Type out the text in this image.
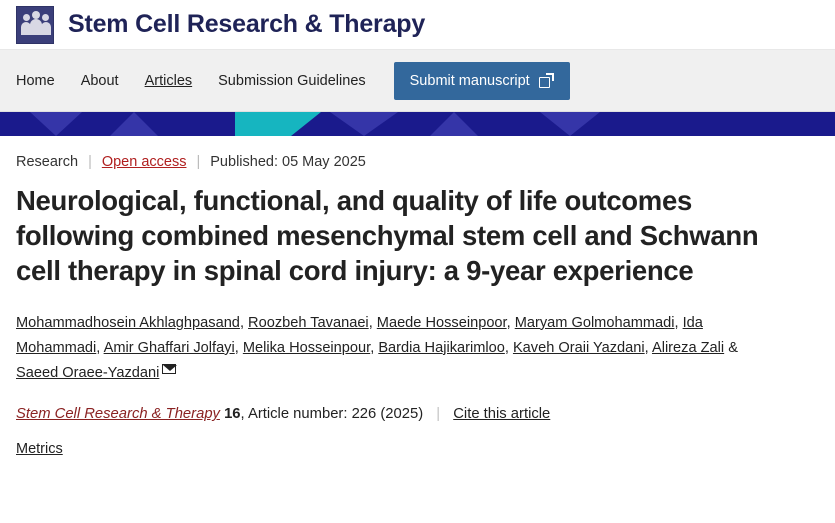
Stem Cell Research & Therapy
Home About Articles Submission Guidelines	Submit manuscript
Research | Open access | Published: 05 May 2025
Neurological, functional, and quality of life outcomes following combined mesenchymal stem cell and Schwann cell therapy in spinal cord injury: a 9-year experience
Mohammadhosein Akhlaghpasand, Roozbeh Tavanaei, Maede Hosseinpoor, Maryam Golmohammadi, Ida Mohammadi, Amir Ghaffari Jolfayi, Melika Hosseinpour, Bardia Hajikarimloo, Kaveh Oraii Yazdani, Alireza Zali & Saeed Oraee-Yazdani
Stem Cell Research & Therapy 16, Article number: 226 (2025) | Cite this article
Metrics
